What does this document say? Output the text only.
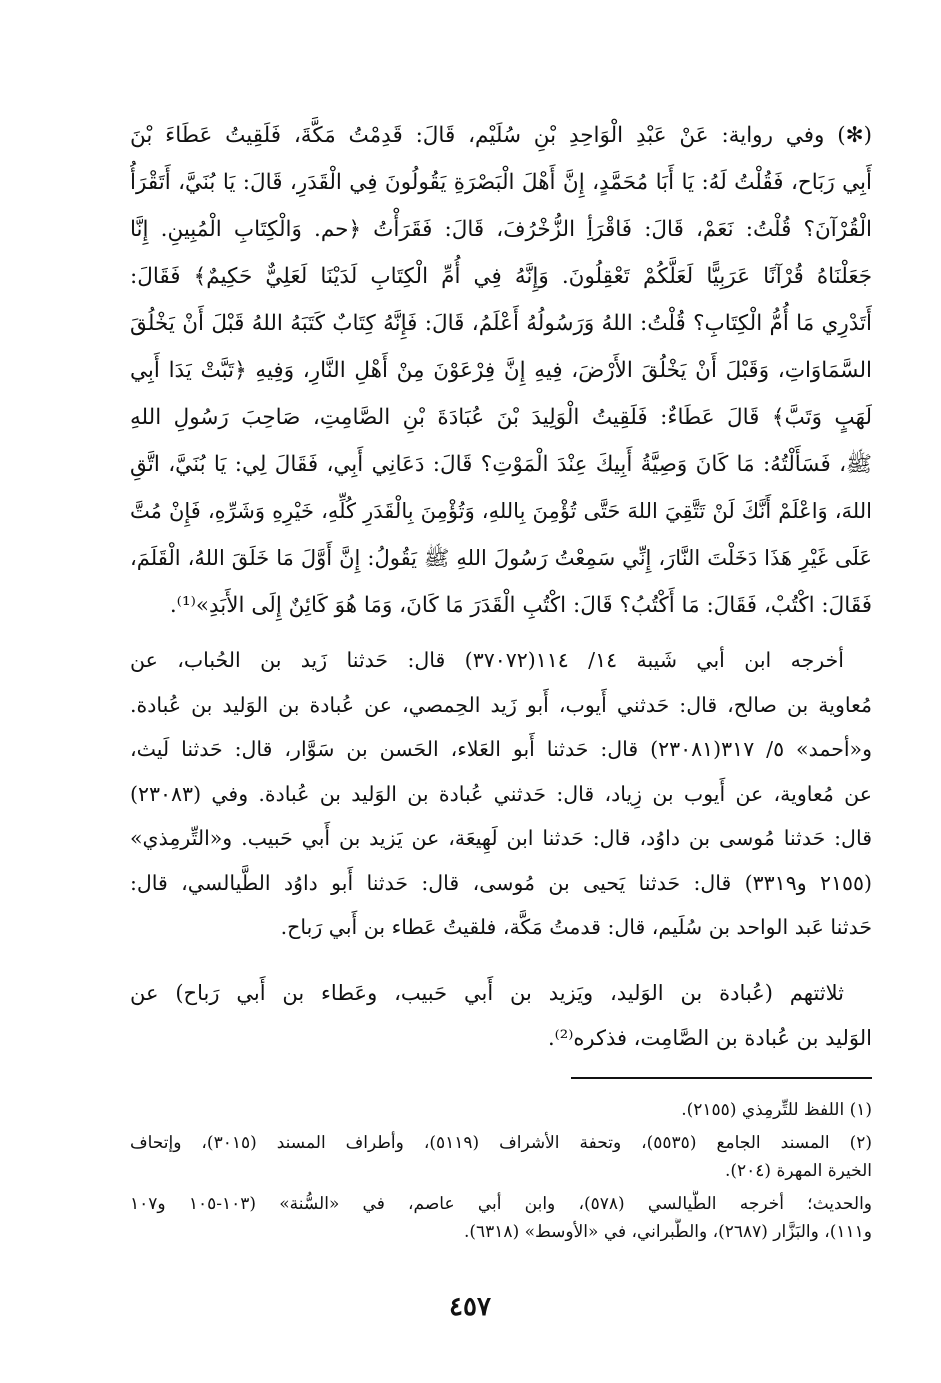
(✻) وفي رواية: عَنْ عَبْدِ الْوَاحِدِ بْنِ سُلَيْم، قَالَ: قَدِمْتُ مَكَّةَ، فَلَقِيتُ عَطَاءَ بْنَ
أَبِي رَبَاح، فَقُلْتُ لَهُ: يَا أَبَا مُحَمَّدٍ، إِنَّ أَهْلَ الْبَصْرَةِ يَقُولُونَ فِي الْقَدَرِ، قَالَ: يَا بُنَيَّ، أَتَقْرَأُ
الْقُرْآنَ؟ قُلْتُ: نَعَمْ، قَالَ: فَاقْرَأِ الزُّخْرُفَ، قَالَ: فَقَرَأْتُ ﴿حم. وَالْكِتَابِ الْمُبِينِ. إِنَّا
جَعَلْنَاهُ قُرْآنًا عَرَبِيًّا لَعَلَّكُمْ تَعْقِلُونَ. وَإِنَّهُ فِي أُمِّ الْكِتَابِ لَدَيْنَا لَعَلِيٌّ حَكِيمٌ﴾ فَقَالَ:
أَتَدْرِي مَا أُمُّ الْكِتَابِ؟ قُلْتُ: اللهُ وَرَسُولُهُ أَعْلَمُ، قَالَ: فَإِنَّهُ كِتَابٌ كَتَبَهُ اللهُ قَبْلَ أَنْ يَخْلُقَ
السَّمَاوَاتِ، وَقَبْلَ أَنْ يَخْلُقَ الأَرْضَ، فِيهِ إِنَّ فِرْعَوْنَ مِنْ أَهْلِ النَّارِ، وَفِيهِ ﴿تَبَّتْ يَدَا أَبِي
لَهَبٍ وَتَبَّ﴾ قَالَ عَطَاءٌ: فَلَقِيتُ الْوَلِيدَ بْنَ عُبَادَةَ بْنِ الصَّامِتِ، صَاحِبَ رَسُولِ اللهِ
ﷺ، فَسَأَلْتُهُ: مَا كَانَ وَصِيَّةُ أَبِيكَ عِنْدَ الْمَوْتِ؟ قَالَ: دَعَانِي أَبِي، فَقَالَ لِي: يَا بُنَيَّ، اتَّقِ
اللهَ، وَاعْلَمْ أَنَّكَ لَنْ تَتَّقِيَ اللهَ حَتَّى تُؤْمِنَ بِاللهِ، وَتُؤْمِنَ بِالْقَدَرِ كُلِّهِ، خَيْرِهِ وَشَرِّهِ، فَإِنْ مُتَّ
عَلَى غَيْرِ هَذَا دَخَلْتَ النَّارَ، إِنِّي سَمِعْتُ رَسُولَ اللهِ ﷺ يَقُولُ: إِنَّ أَوَّلَ مَا خَلَقَ اللهُ، الْقَلَمَ،
فَقَالَ: اكْتُبْ، فَقَالَ: مَا أَكْتُبُ؟ قَالَ: اكْتُبِ الْقَدَرَ مَا كَانَ، وَمَا هُوَ كَائِنٌ إِلَى الأَبَدِ»⁽¹⁾.
أخرجه ابن أبي شَيبة ١٤/ ١١٤(٣٧٠٧٢) قال: حَدثنا زَيد بن الحُباب، عن
مُعاوية بن صالح، قال: حَدثني أَيوب، أَبو زَيد الحِمصي، عن عُبادة بن الوَليد بن عُبادة.
و«أحمد» ٥/ ٣١٧(٢٣٠٨١) قال: حَدثنا أَبو العَلاء، الحَسن بن سَوَّار، قال: حَدثنا لَيث،
عن مُعاوية، عن أَيوب بن زِياد، قال: حَدثني عُبادة بن الوَليد بن عُبادة. وفي (٢٣٠٨٣)
قال: حَدثنا مُوسى بن داوُد، قال: حَدثنا ابن لَهِيعَة، عن يَزيد بن أَبي حَبيب. و«التِّرمِذي»
(٢١٥٥ و٣٣١٩) قال: حَدثنا يَحيى بن مُوسى، قال: حَدثنا أَبو داوُد الطَّيالسي، قال:
حَدثنا عَبد الواحد بن سُلَيم، قال: قدمتُ مَكَّة، فلقيتُ عَطاء بن أَبي رَباح.
ثلاثتهم (عُبادة بن الوَليد، ويَزيد بن أَبي حَبيب، وعَطاء بن أَبي رَباح) عن
الوَليد بن عُبادة بن الصَّامِت، فذكره⁽²⁾.
(١) اللفظ للتِّرمِذي (٢١٥٥).
(٢) المسند الجامع (٥٥٣٥)، وتحفة الأشراف (٥١١٩)، وأطراف المسند (٣٠١٥)، وإتحاف
الخيرة المهرة (٢٠٤).
والحديث؛ أخرجه الطَّيالسي (٥٧٨)، وابن أبي عاصم، في «السُّنة» (١٠٣-١٠٥ و١٠٧
و١١١)، والبَزَّار (٢٦٨٧)، والطَّبراني، في «الأوسط» (٦٣١٨).
٤٥٧
